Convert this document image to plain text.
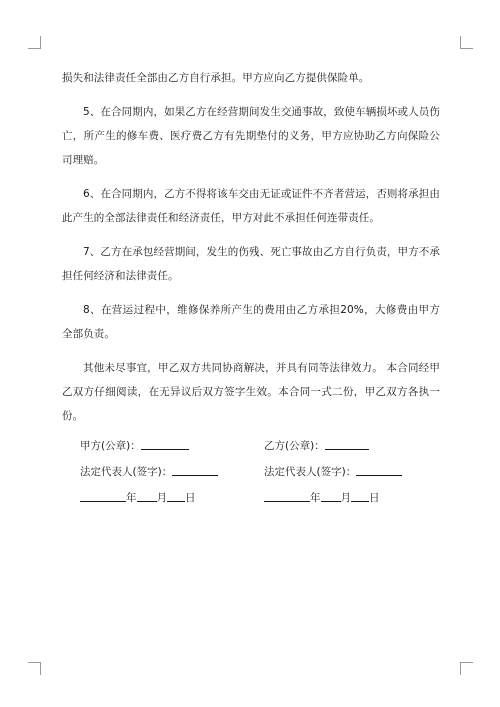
损失和法律责任全部由乙方自行承担。甲方应向乙方提供保险单。

5、在合同期内，如果乙方在经营期间发生交通事故，致使车辆损坏或人员伤亡，所产生的修车费、医疗费乙方有先期垫付的义务，甲方应协助乙方向保险公司理赔。

6、在合同期内，乙方不得将该车交由无证或证件不齐者营运，否则将承担由此产生的全部法律责任和经济责任，甲方对此不承担任何连带责任。

7、乙方在承包经营期间，发生的伤残、死亡事故由乙方自行负责，甲方不承担任何经济和法律责任。

8、在营运过程中，维修保养所产生的费用由乙方承担20%，大修费由甲方全部负责。

其他未尽事宜，甲乙双方共同协商解决，并具有同等法律效力。 本合同经甲乙双方仔细阅读，在无异议后双方签字生效。本合同一式二份，甲乙双方各执一份。

甲方(公章)：	乙方(公章)：
法定代表人(签字)：	法定代表人(签字)：
年 月 日	年 月 日
